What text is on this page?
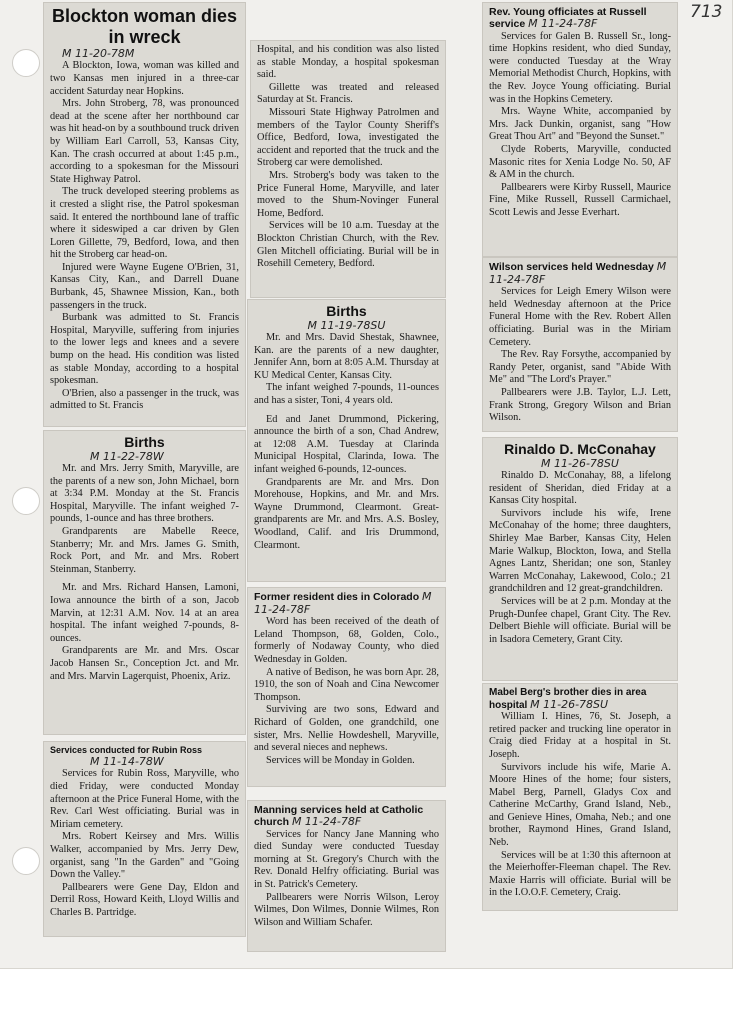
713
Blockton woman dies in wreck
M 11-20-78M

A Blockton, Iowa, woman was killed and two Kansas men injured in a three-car accident Saturday near Hopkins.

Mrs. John Stroberg, 78, was pronounced dead at the scene after her northbound car was hit head-on by a southbound truck driven by William Earl Carroll, 53, Kansas City, Kan. The crash occurred at about 1:45 p.m., according to a spokesman for the Missouri State Highway Patrol.

The truck developed steering problems as it crested a slight rise, the Patrol spokesman said. It entered the northbound lane of traffic where it sideswiped a car driven by Glen Loren Gillette, 79, Bedford, Iowa, and then hit the Stroberg car head-on.

Injured were Wayne Eugene O'Brien, 31, Kansas City, Kan., and Darrell Duane Burbank, 45, Shawnee Mission, Kan., both passengers in the truck.

Burbank was admitted to St. Francis Hospital, Maryville, suffering from injuries to the lower legs and knees and a severe bump on the head. His condition was listed as stable Monday, according to a hospital spokesman.

O'Brien, also a passenger in the truck, was admitted to St. Francis

Hospital, and his condition was also listed as stable Monday, a hospital spokesman said.

Gillette was treated and released Saturday at St. Francis.

Missouri State Highway Patrolmen and members of the Taylor County Sheriff's Office, Bedford, Iowa, investigated the accident and reported that the truck and the Stroberg car were demolished.

Mrs. Stroberg's body was taken to the Price Funeral Home, Maryville, and later moved to the Shum-Novinger Funeral Home, Bedford.

Services will be 10 a.m. Tuesday at the Blockton Christian Church, with the Rev. Glen Mitchell officiating. Burial will be in Rosehill Cemetery, Bedford.

Births
M 11-22-78W

Mr. and Mrs. Jerry Smith, Maryville, are the parents of a new son, John Michael, born at 3:34 P.M. Monday at the St. Francis Hospital, Maryville. The infant weighed 7-pounds, 1-ounce and has three brothers.

Grandparents are Mabelle Reece, Stanberry; Mr. and Mrs. James G. Smith, Rock Port, and Mr. and Mrs. Robert Steinman, Stanberry.

Mr. and Mrs. Richard Hansen, Lamoni, Iowa announce the birth of a son, Jacob Marvin, at 12:31 A.M. Nov. 14 at an area hospital. The infant weighed 7-pounds, 8-ounces.

Grandparents are Mr. and Mrs. Oscar Jacob Hansen Sr., Conception Jct. and Mr. and Mrs. Marvin Lagerquist, Phoenix, Ariz.

Services conducted for Rubin Ross
M 11-14-78W

Services for Rubin Ross, Maryville, who died Friday, were conducted Monday afternoon at the Price Funeral Home, with the Rev. Carl West officiating. Burial was in Miriam cemetery.

Mrs. Robert Keirsey and Mrs. Willis Walker, accompanied by Mrs. Jerry Dew, organist, sang "In the Garden" and "Going Down the Valley."

Pallbearers were Gene Day, Eldon and Derril Ross, Howard Keith, Lloyd Willis and Charles B. Partridge.

Births
M 11-19-78SU

Mr. and Mrs. David Shestak, Shawnee, Kan. are the parents of a new daughter, Jennifer Ann, born at 8:05 A.M. Thursday at KU Medical Center, Kansas City.

The infant weighed 7-pounds, 11-ounces and has a sister, Toni, 4 years old.

Ed and Janet Drummond, Pickering, announce the birth of a son, Chad Andrew, at 12:08 A.M. Tuesday at Clarinda Municipal Hospital, Clarinda, Iowa. The infant weighed 6-pounds, 12-ounces.

Grandparents are Mr. and Mrs. Don Morehouse, Hopkins, and Mr. and Mrs. Wayne Drummond, Clearmont. Great-grandparents are Mr. and Mrs. A.S. Bosley, Woodland, Calif. and Iris Drummond, Clearmont.

Former resident dies in Colorado M 11-24-78F

Word has been received of the death of Leland Thompson, 68, Golden, Colo., formerly of Nodaway County, who died Wednesday in Golden.

A native of Bedison, he was born Apr. 28, 1910, the son of Noah and Cina Newcomer Thompson.

Surviving are two sons, Edward and Richard of Golden, one grandchild, one sister, Mrs. Nellie Howdeshell, Maryville, and several nieces and nephews.

Services will be Monday in Golden.

Manning services held at Catholic church M 11-24-78F

Services for Nancy Jane Manning who died Sunday were conducted Tuesday morning at St. Gregory's Church with the Rev. Donald Helfry officiating. Burial was in St. Patrick's Cemetery.

Pallbearers were Norris Wilson, Leroy Wilmes, Don Wilmes, Donnie Wilmes, Ron Wilson and William Schafer.

Rev. Young officiates at Russell service M 11-24-78F

Services for Galen B. Russell Sr., long-time Hopkins resident, who died Sunday, were conducted Tuesday at the Wray Memorial Methodist Church, Hopkins, with the Rev. Joyce Young officiating. Burial was in the Hopkins Cemetery.

Mrs. Wayne White, accompanied by Mrs. Jack Dunkin, organist, sang "How Great Thou Art" and "Beyond the Sunset."

Clyde Roberts, Maryville, conducted Masonic rites for Xenia Lodge No. 50, AF & AM in the church.

Pallbearers were Kirby Russell, Maurice Fine, Mike Russell, Russell Carmichael, Scott Lewis and Jesse Everhart.

Wilson services held Wednesday M 11-24-78F

Services for Leigh Emery Wilson were held Wednesday afternoon at the Price Funeral Home with the Rev. Robert Allen officiating. Burial was in the Miriam Cemetery.

The Rev. Ray Forsythe, accompanied by Randy Peter, organist, sand "Abide With Me" and "The Lord's Prayer."

Pallbearers were J.B. Taylor, L.J. Lett, Frank Strong, Gregory Wilson and Brian Wilson.

Rinaldo D. McConahay
M 11-26-78SU

Rinaldo D. McConahay, 88, a lifelong resident of Sheridan, died Friday at a Kansas City hospital.

Survivors include his wife, Irene McConahay of the home; three daughters, Shirley Mae Barber, Kansas City, Helen Marie Walkup, Blockton, Iowa, and Stella Agnes Lantz, Sheridan; one son, Stanley Warren McConahay, Lakewood, Colo.; 21 grandchildren and 12 great-grandchildren.

Services will be at 2 p.m. Monday at the Prugh-Dunfee chapel, Grant City. The Rev. Delbert Biehle will officiate. Burial will be in Isadora Cemetery, Grant City.

Mabel Berg's brother dies in area hospital M 11-26-78SU

William I. Hines, 76, St. Joseph, a retired packer and trucking line operator in Craig died Friday at a hospital in St. Joseph.

Survivors include his wife, Marie A. Moore Hines of the home; four sisters, Mabel Berg, Parnell, Gladys Cox and Catherine McCarthy, Grand Island, Neb., and Genieve Hines, Omaha, Neb.; and one brother, Raymond Hines, Grand Island, Neb.

Services will be at 1:30 this afternoon at the Meierhoffer-Fleeman chapel. The Rev. Maxie Harris will officiate. Burial will be in the I.O.O.F. Cemetery, Craig.
